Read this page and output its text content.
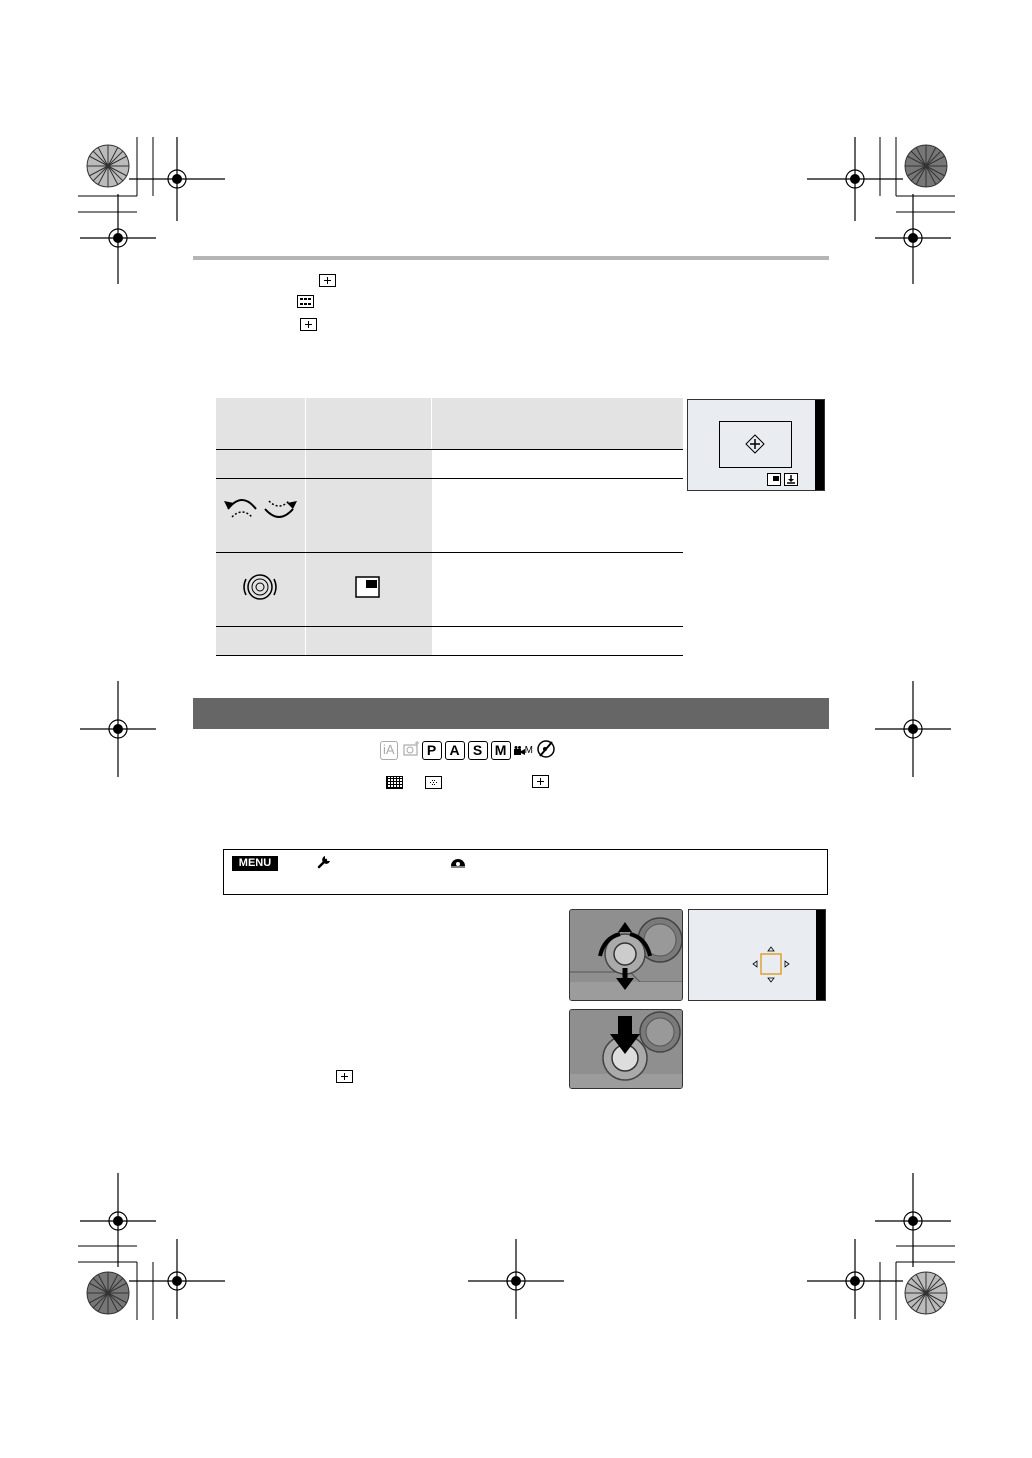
iA	P A S M	M
MENU
